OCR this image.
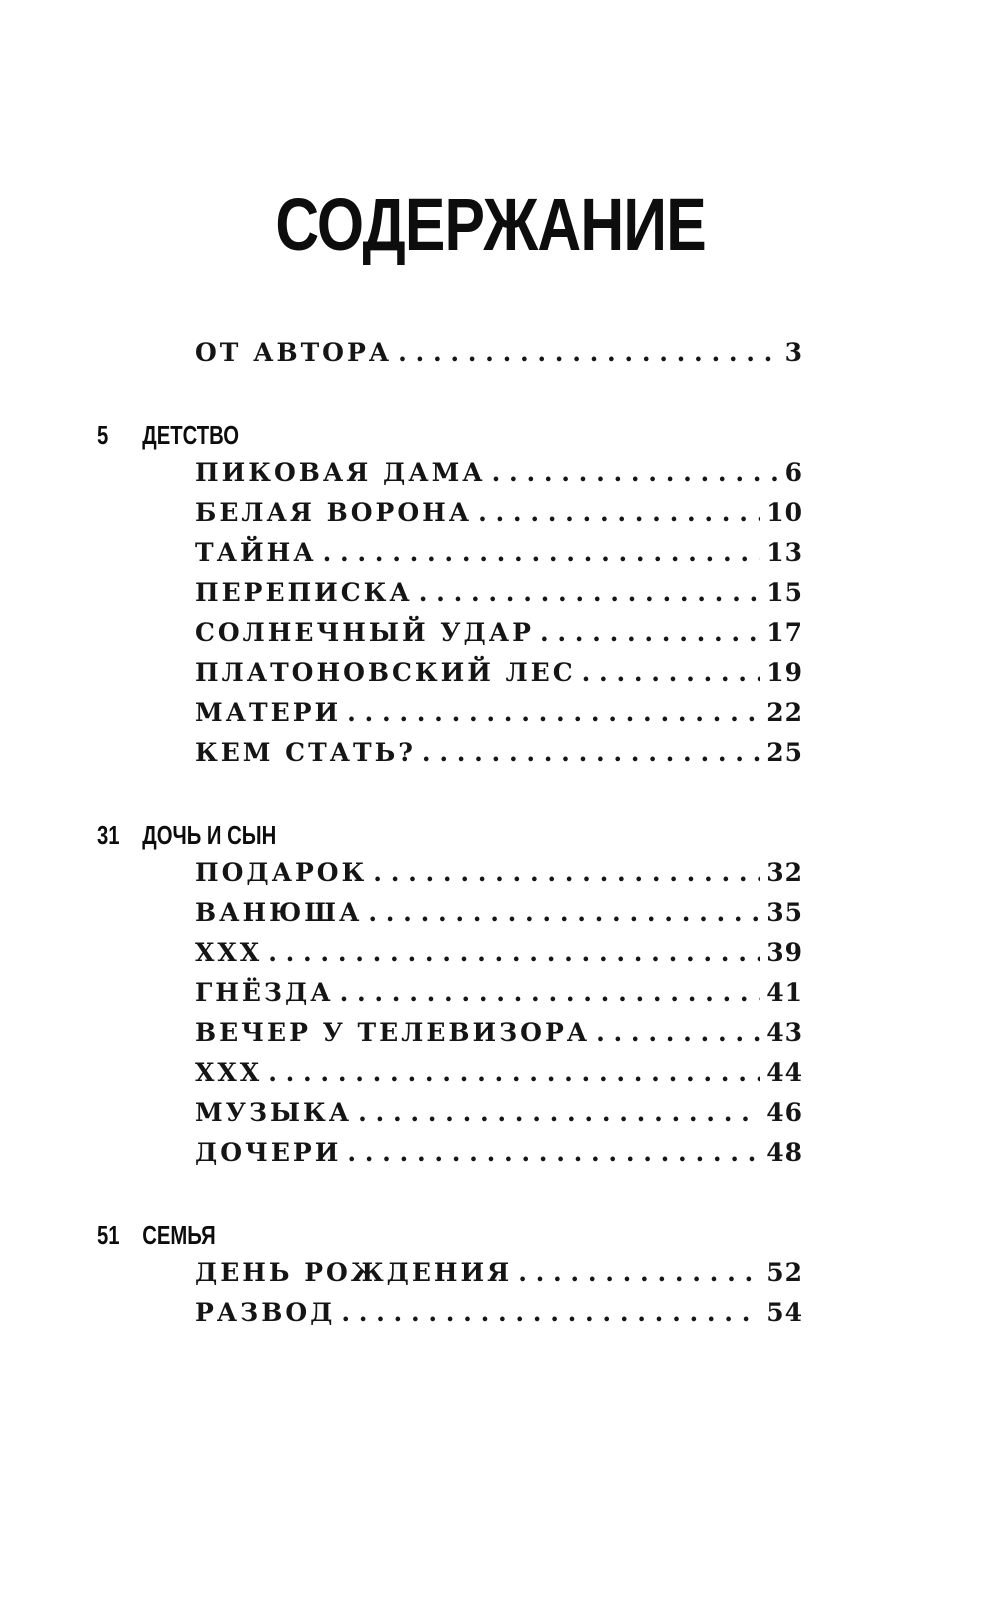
СОДЕРЖАНИЕ
ОТ АВТОРА . . .	3
5 ДЕТСТВО
ПИКОВАЯ ДАМА . . .	6
БЕЛАЯ ВОРОНА . . .	10
ТАЙНА . . .	13
ПЕРЕПИСКА . . .	15
СОЛНЕЧНЫЙ УДАР . . .	17
ПЛАТОНОВСКИЙ ЛЕС . . .	19
МАТЕРИ . . .	22
КЕМ СТАТЬ? . . .	25
31 ДОЧЬ И СЫН
ПОДАРОК . . .	32
ВАНЮША . . .	35
ХХХ . . .	39
ГНЁЗДА . . .	41
ВЕЧЕР У ТЕЛЕВИЗОРА . . .	43
ХХХ . . .	44
МУЗЫКА . . .	46
ДОЧЕРИ . . .	48
51 СЕМЬЯ
ДЕНЬ РОЖДЕНИЯ . . .	52
РАЗВОД . . .	54
